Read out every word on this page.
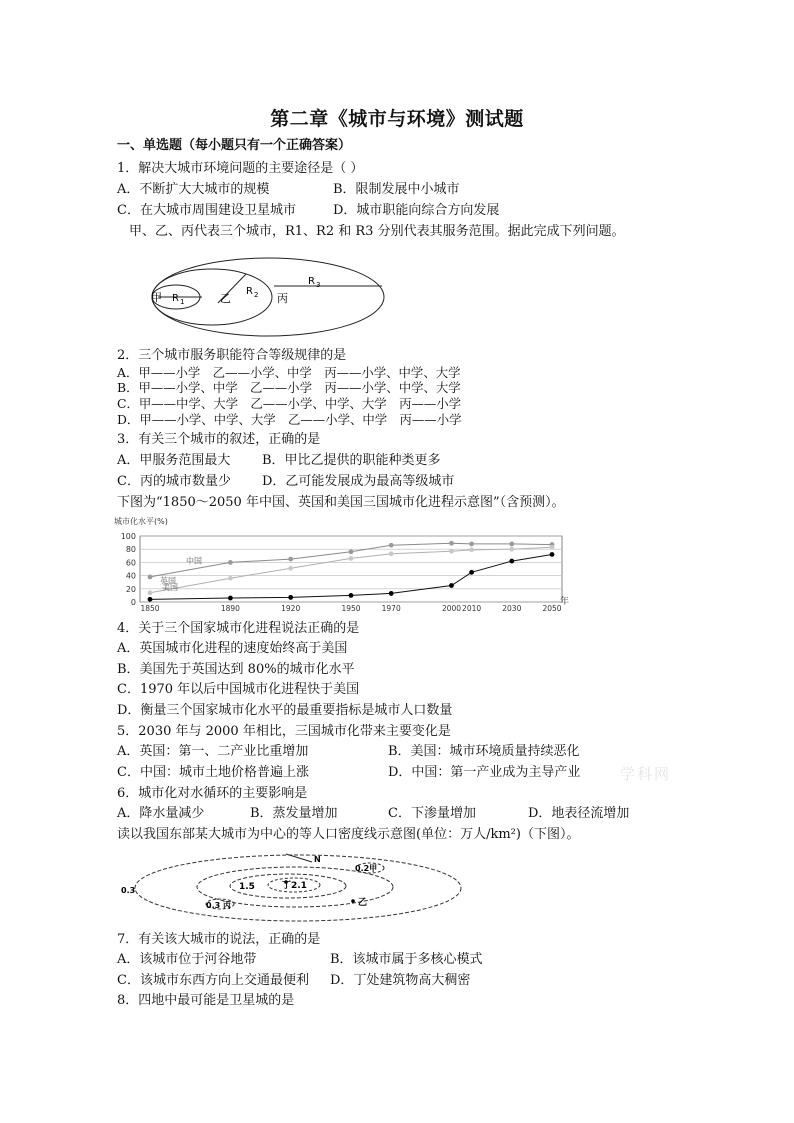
第二章《城市与环境》测试题
一、单选题（每小题只有一个正确答案）
1．解决大城市环境问题的主要途径是（ ）
A．不断扩大大城市的规模	B．限制发展中小城市
C．在大城市周围建设卫星城市	D．城市职能向综合方向发展
甲、乙、丙代表三个城市，R1、R2 和 R3 分别代表其服务范围。据此完成下列问题。
甲 R 1	乙
R 2 丙
R 3
2．三个城市服务职能符合等级规律的是
A．甲——小学　乙——小学、中学　丙——小学、中学、大学
B．甲——小学、中学　乙——小学　丙——小学、中学、大学
C．甲——中学、大学　乙——小学、中学、大学　丙——小学
D．甲——小学、中学、大学　乙——小学、中学　丙——小学
3．有关三个城市的叙述，正确的是
A．甲服务范围最大 B．甲比乙提供的职能种类更多
C．丙的城市数量少 D．乙可能发展成为最高等级城市
下图为“1850～2050 年中国、英国和美国三国城市化进程示意图”（含预测）。
0
20
40
60
80
100
1850	1890	1920	1950	1970	2000 2010	2030	2050
英国
美国
中国
城市化水平(%)
年
4．关于三个国家城市化进程说法正确的是
A．英国城市化进程的速度始终高于美国
B．美国先于英国达到 80%的城市化水平
C．1970 年以后中国城市化进程快于美国
D．衡量三个国家城市化水平的最重要指标是城市人口数量
5．2030 年与 2000 年相比，三国城市化带来主要变化是
A．英国：第一、二产业比重增加	B．美国：城市环境质量持续恶化
C．中国：城市土地价格普遍上涨	D．中国：第一产业成为主导产业	学科网
6．城市化对水循环的主要影响是
A．降水量减少	B．蒸发量增加	C．下渗量增加	D．地表径流增加
读以我国东部某大城市为中心的等人口密度线示意图(单位：万人/km²)（下图）。
N
0.3	1.5	丁2.1
0.2甲
乙
0.3 丙
7．有关该大城市的说法，正确的是
A．该城市位于河谷地带	B．该城市属于多核心模式
C．该城市东西方向上交通最便利 D．丁处建筑物高大稠密
8．四地中最可能是卫星城的是
